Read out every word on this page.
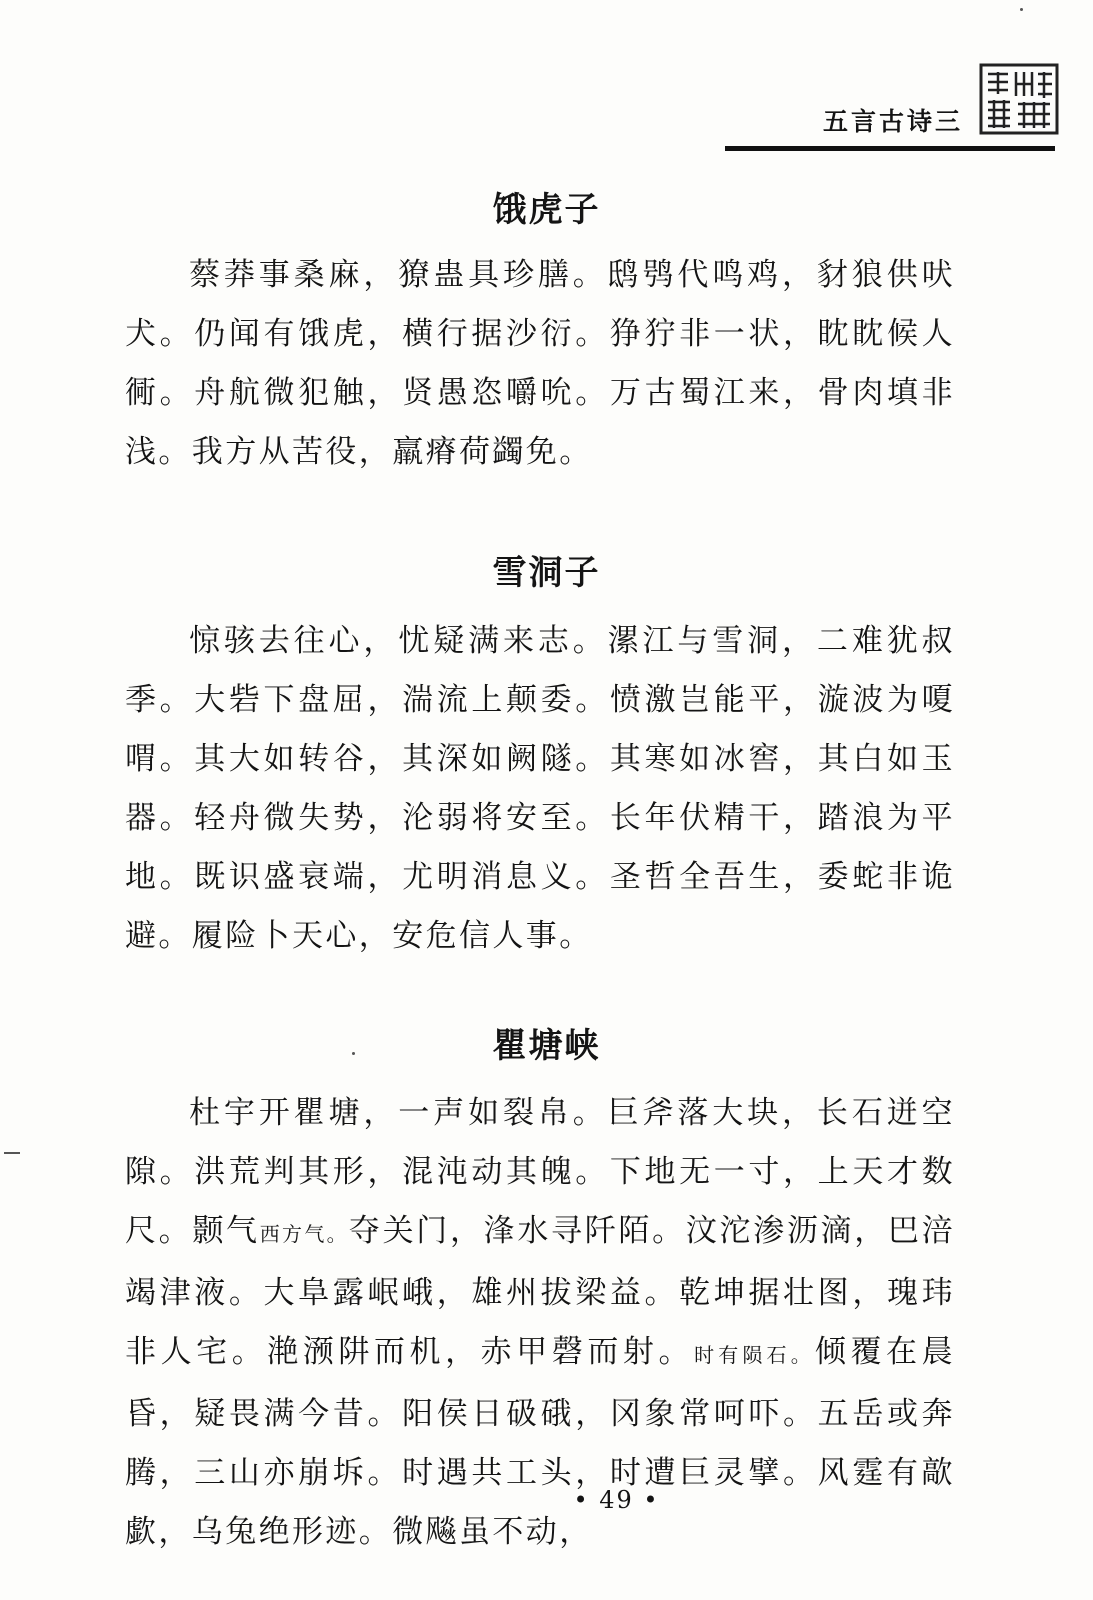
五言古诗三
饿虎子

蔡莽事桑麻，獠蛊具珍膳。鸱鸮代鸣鸡，豺狼供吠犬。仍闻有饿虎，横行据沙衍。狰狞非一状，眈眈候人衕。舟航微犯触，贤愚恣嚼吮。万古蜀江来，骨肉填非浅。我方从苦役，羸瘠荷蠲免。

雪洞子

惊骇去往心，忧疑满来志。漯江与雪洞，二难犹叔季。大砦下盘屈，湍流上颠委。愤激岂能平，漩波为嗄喟。其大如转谷，其深如阙隧。其寒如冰窖，其白如玉器。轻舟微失势，沦弱将安至。长年伏精干，踏浪为平地。既识盛衰端，尤明消息义。圣哲全吾生，委蛇非诡避。履险卜天心，安危信人事。

瞿塘峡

杜宇开瞿塘，一声如裂帛。巨斧落大块，长石迸空隙。洪荒判其形，混沌动其魄。下地无一寸，上天才数尺。颢气西方气。夺关门，浲水寻阡陌。汶沱渗沥滴，巴涪竭津液。大阜露岷峨，雄州拔梁益。乾坤据壮图，瑰玮非人宅。滟滪阱而机，赤甲磬而射。时有陨石。倾覆在晨昏，疑畏满今昔。阳侯日砐硪，冈象常呵吓。五岳或奔腾，三山亦崩坼。时遇共工头，时遭巨灵擘。风霆有歊歔，乌兔绝形迹。微飚虽不动，

• 49 •
